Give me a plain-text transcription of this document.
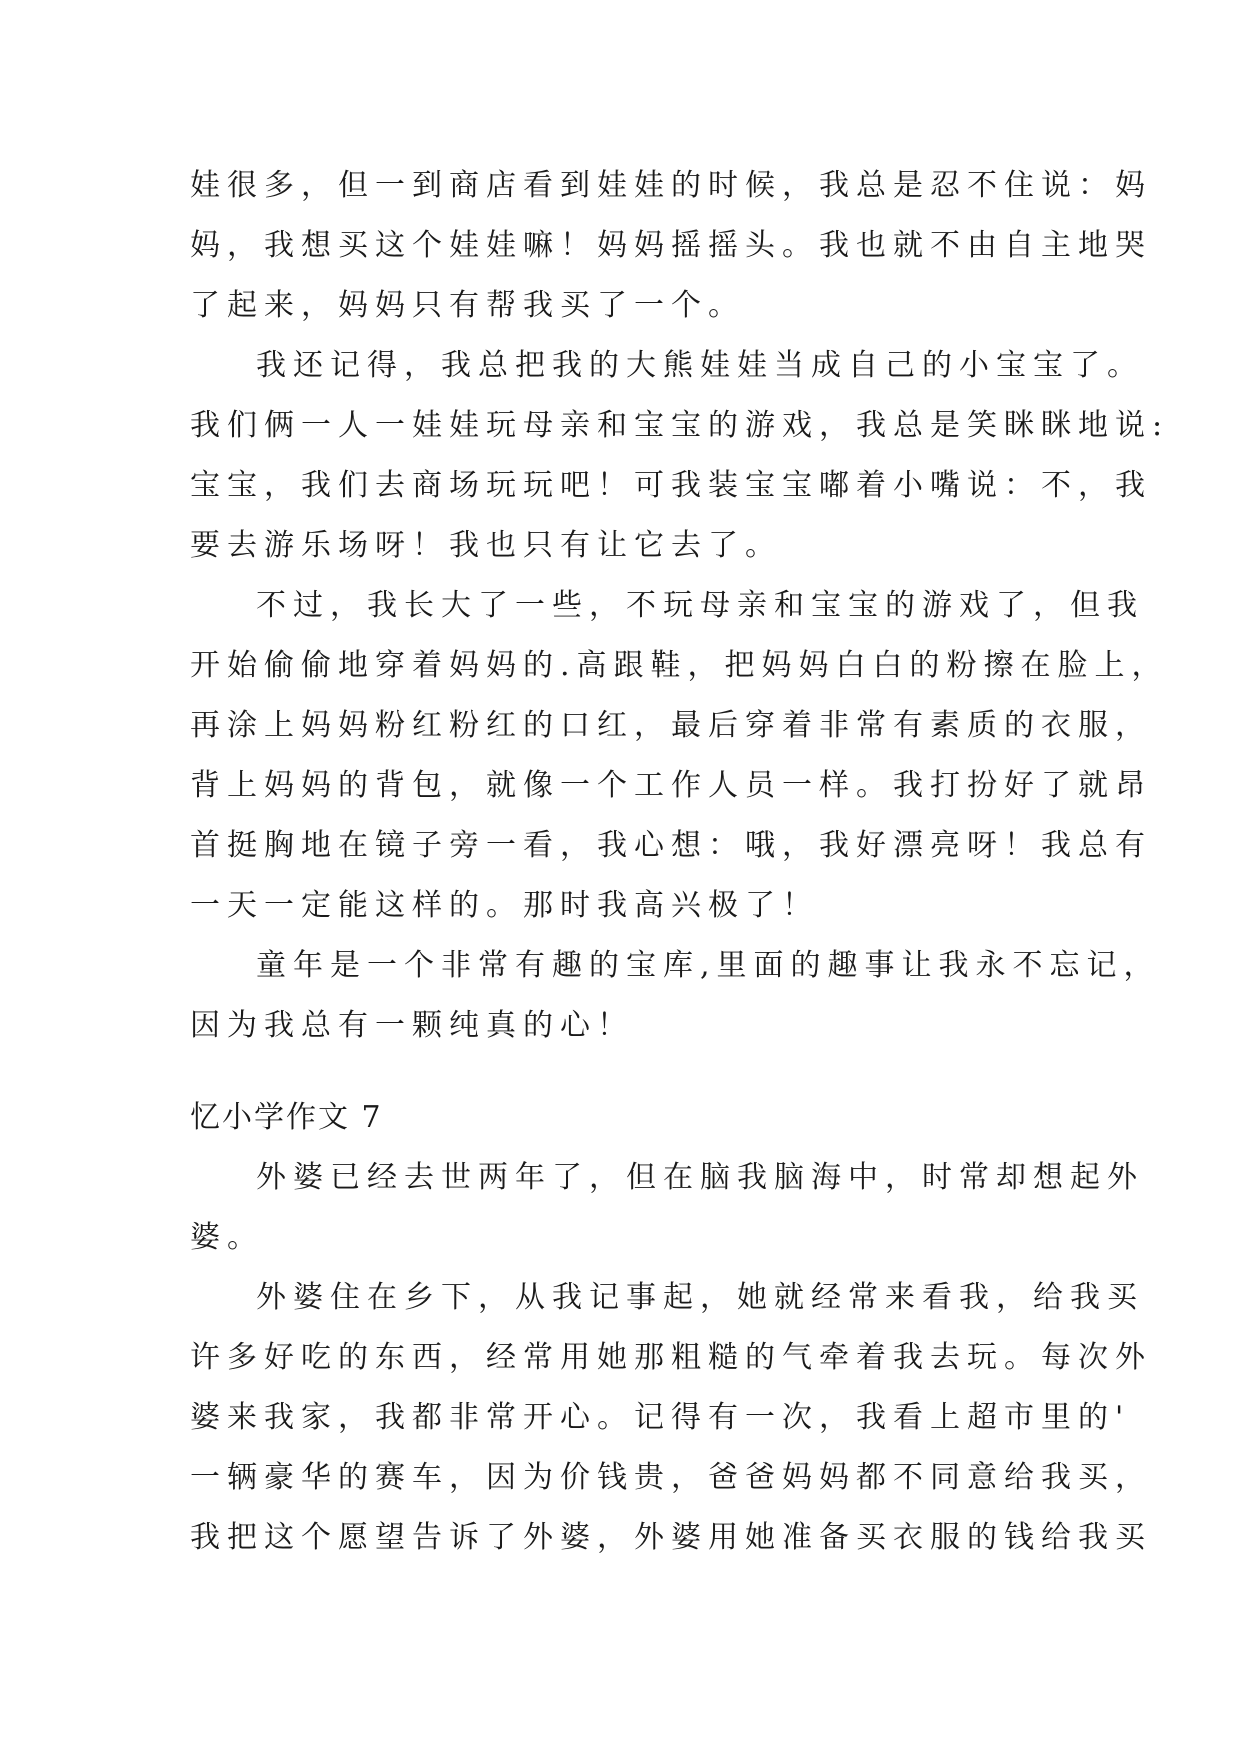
娃很多，但一到商店看到娃娃的时候，我总是忍不住说：妈
妈，我想买这个娃娃嘛！妈妈摇摇头。我也就不由自主地哭
了起来，妈妈只有帮我买了一个。
我还记得，我总把我的大熊娃娃当成自己的小宝宝了。
我们俩一人一娃娃玩母亲和宝宝的游戏，我总是笑眯眯地说:
宝宝，我们去商场玩玩吧！可我装宝宝嘟着小嘴说：不，我
要去游乐场呀！我也只有让它去了。
不过，我长大了一些，不玩母亲和宝宝的游戏了，但我
开始偷偷地穿着妈妈的.高跟鞋，把妈妈白白的粉擦在脸上，
再涂上妈妈粉红粉红的口红，最后穿着非常有素质的衣服，
背上妈妈的背包，就像一个工作人员一样。我打扮好了就昂
首挺胸地在镜子旁一看，我心想：哦，我好漂亮呀！我总有
一天一定能这样的。那时我高兴极了！
童年是一个非常有趣的宝库,里面的趣事让我永不忘记，
因为我总有一颗纯真的心！
忆小学作文 7
外婆已经去世两年了，但在脑我脑海中，时常却想起外
婆。
外婆住在乡下，从我记事起，她就经常来看我，给我买
许多好吃的东西，经常用她那粗糙的气牵着我去玩。每次外
婆来我家，我都非常开心。记得有一次，我看上超市里的'
一辆豪华的赛车，因为价钱贵，爸爸妈妈都不同意给我买，
我把这个愿望告诉了外婆，外婆用她准备买衣服的钱给我买
